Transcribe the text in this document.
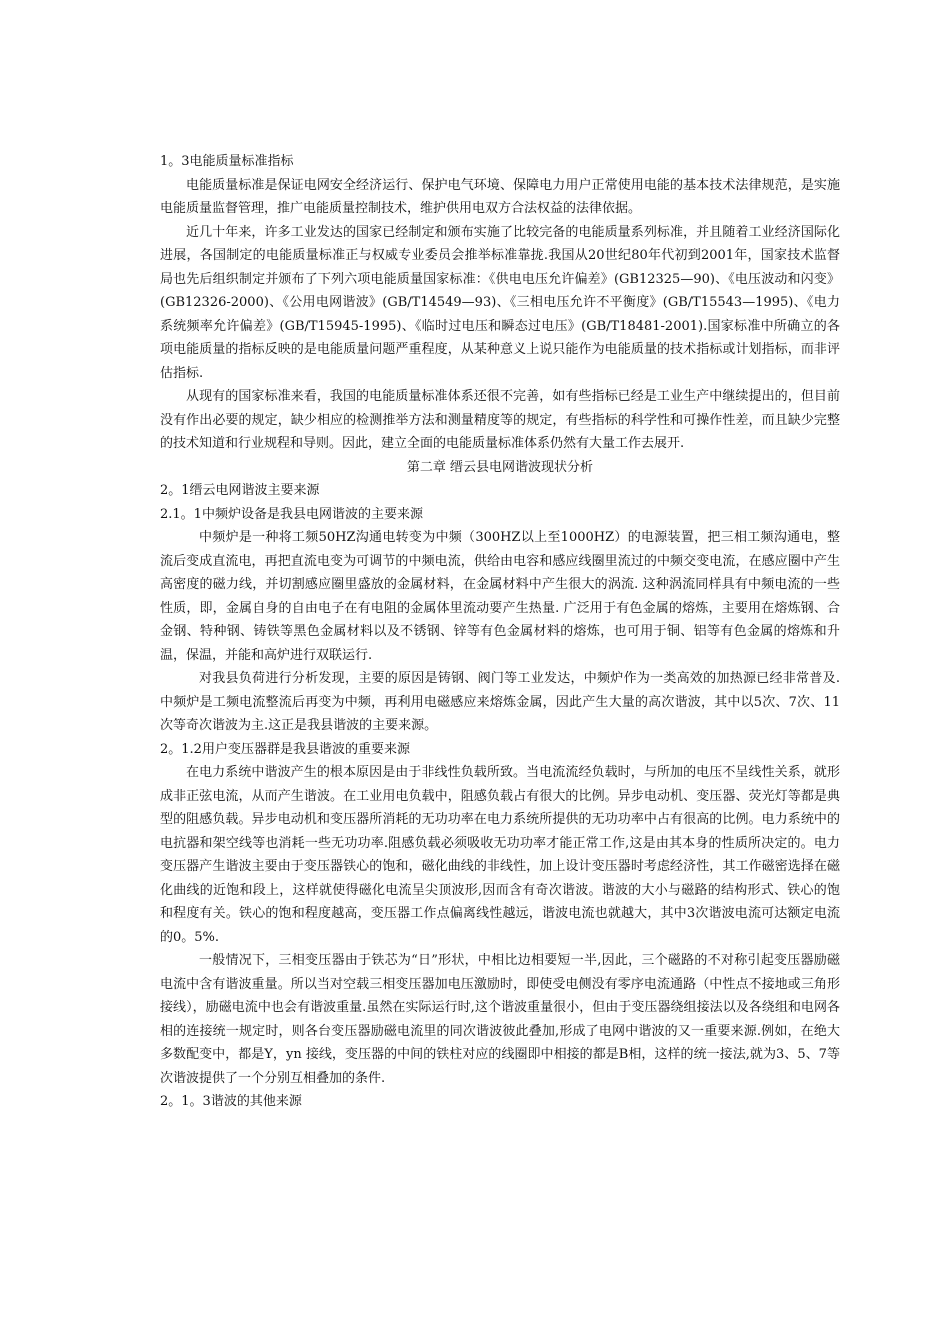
1。3电能质量标准指标

电能质量标准是保证电网安全经济运行、保护电气环境、保障电力用户正常使用电能的基本技术法律规范，是实施电能质量监督管理，推广电能质量控制技术，维护供用电双方合法权益的法律依据。

近几十年来，许多工业发达的国家已经制定和颁布实施了比较完备的电能质量系列标准，并且随着工业经济国际化进展，各国制定的电能质量标准正与权威专业委员会推举标准靠拢.我国从20世纪80年代初到2001年，国家技术监督局也先后组织制定并颁布了下列六项电能质量国家标准：《供电电压允许偏差》(GB12325—90)、《电压波动和闪变》(GB12326-2000)、《公用电网谐波》(GB/T14549—93)、《三相电压允许不平衡度》(GB/T15543—1995)、《电力系统频率允许偏差》(GB/T15945-1995)、《临时过电压和瞬态过电压》(GB/T18481-2001).国家标准中所确立的各项电能质量的指标反映的是电能质量问题严重程度，从某种意义上说只能作为电能质量的技术指标或计划指标，而非评估指标.

从现有的国家标准来看，我国的电能质量标准体系还很不完善，如有些指标已经是工业生产中继续提出的，但目前没有作出必要的规定，缺少相应的检测推举方法和测量精度等的规定，有些指标的科学性和可操作性差，而且缺少完整的技术知道和行业规程和导则。因此，建立全面的电能质量标准体系仍然有大量工作去展开.

第二章 缙云县电网谐波现状分析

2。1缙云电网谐波主要来源

2.1。1中频炉设备是我县电网谐波的主要来源

中频炉是一种将工频50HZ沟通电转变为中频（300HZ以上至1000HZ）的电源装置，把三相工频沟通电，整流后变成直流电，再把直流电变为可调节的中频电流，供给由电容和感应线圈里流过的中频交变电流，在感应圈中产生高密度的磁力线，并切割感应圈里盛放的金属材料，在金属材料中产生很大的涡流. 这种涡流同样具有中频电流的一些性质，即，金属自身的自由电子在有电阻的金属体里流动要产生热量. 广泛用于有色金属的熔炼，主要用在熔炼钢、合金钢、特种钢、铸铁等黑色金属材料以及不锈钢、锌等有色金属材料的熔炼，也可用于铜、铝等有色金属的熔炼和升温，保温，并能和高炉进行双联运行.

对我县负荷进行分析发现，主要的原因是铸钢、阀门等工业发达，中频炉作为一类高效的加热源已经非常普及.中频炉是工频电流整流后再变为中频，再利用电磁感应来熔炼金属，因此产生大量的高次谐波，其中以5次、7次、11次等奇次谐波为主.这正是我县谐波的主要来源。

2。1.2用户变压器群是我县谐波的重要来源

在电力系统中谐波产生的根本原因是由于非线性负载所致。当电流流经负载时，与所加的电压不呈线性关系，就形成非正弦电流，从而产生谐波。在工业用电负载中，阻感负载占有很大的比例。异步电动机、变压器、荧光灯等都是典型的阻感负载。异步电动机和变压器所消耗的无功功率在电力系统所提供的无功功率中占有很高的比例。电力系统中的电抗器和架空线等也消耗一些无功功率.阻感负载必须吸收无功功率才能正常工作,这是由其本身的性质所决定的。电力变压器产生谐波主要由于变压器铁心的饱和，磁化曲线的非线性，加上设计变压器时考虑经济性，其工作磁密选择在磁化曲线的近饱和段上，这样就使得磁化电流呈尖顶波形,因而含有奇次谐波。谐波的大小与磁路的结构形式、铁心的饱和程度有关。铁心的饱和程度越高，变压器工作点偏离线性越远，谐波电流也就越大，其中3次谐波电流可达额定电流的0。5%.

一般情况下，三相变压器由于铁芯为“日”形状，中相比边相要短一半,因此，三个磁路的不对称引起变压器励磁电流中含有谐波重量。所以当对空载三相变压器加电压激励时，即使受电侧没有零序电流通路（中性点不接地或三角形接线），励磁电流中也会有谐波重量.虽然在实际运行时,这个谐波重量很小，但由于变压器绕组接法以及各绕组和电网各相的连接统一规定时，则各台变压器励磁电流里的同次谐波彼此叠加,形成了电网中谐波的又一重要来源.例如，在绝大多数配变中，都是Y，yn 接线，变压器的中间的铁柱对应的线圈即中相接的都是B相，这样的统一接法,就为3、5、7等次谐波提供了一个分别互相叠加的条件.

2。1。3谐波的其他来源
